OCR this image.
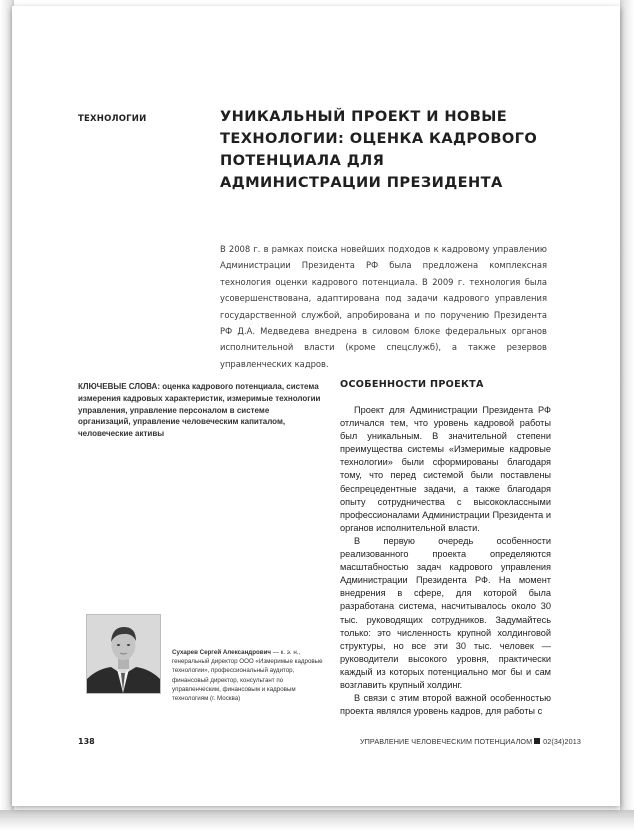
ТЕХНОЛОГИИ	УНИКАЛЬНЫЙ ПРОЕКТ И НОВЫЕ ТЕХНОЛОГИИ: ОЦЕНКА КАДРОВОГО ПОТЕНЦИАЛА ДЛЯ АДМИНИСТРАЦИИ ПРЕЗИДЕНТА
В 2008 г. в рамках поиска новейших подходов к кадровому управлению Администрации Президента РФ была предложена комплексная технология оценки кадрового потенциала. В 2009 г. технология была усовершенствована, адаптирована под задачи кадрового управления государственной службой, апробирована и по поручению Президента РФ Д.А. Медведева внедрена в силовом блоке федеральных органов исполнительной власти (кроме спецслужб), а также резервов управленческих кадров.
КЛЮЧЕВЫЕ СЛОВА: оценка кадрового потенциала, система измерения кадровых характеристик, измеримые технологии управления, управление персоналом в системе организаций, управление человеческим капиталом, человеческие активы
ОСОБЕННОСТИ ПРОЕКТА

Проект для Администрации Президента РФ отличался тем, что уровень кадровой работы был уникальным. В значительной степени преимущества системы «Измеримые кадровые технологии» были сформированы благодаря тому, что перед системой были поставлены беспрецедентные задачи, а также благодаря опыту сотрудничества с высококлассными профессионалами Администрации Президента и органов исполнительной власти.

В первую очередь особенности реализованного проекта определяются масштабностью задач кадрового управления Администрации Президента РФ. На момент внедрения в сфере, для которой была разработана система, насчитывалось около 30 тыс. руководящих сотрудников. Задумайтесь только: это численность крупной холдинговой структуры, но все эти 30 тыс. человек — руководители высокого уровня, практически каждый из которых потенциально мог бы и сам возглавить крупный холдинг.

В связи с этим второй важной особенностью проекта являлся уровень кадров, для работы с

Сухарев Сергей Александрович — к. э. н., генеральный директор ООО «Измеримые кадровые технологии», профессиональный аудитор, финансовый директор, консультант по управленческим, финансовым и кадровым технологиям (г. Москва)
138	УПРАВЛЕНИЕ ЧЕЛОВЕЧЕСКИМ ПОТЕНЦИАЛОМ 02(34)2013
